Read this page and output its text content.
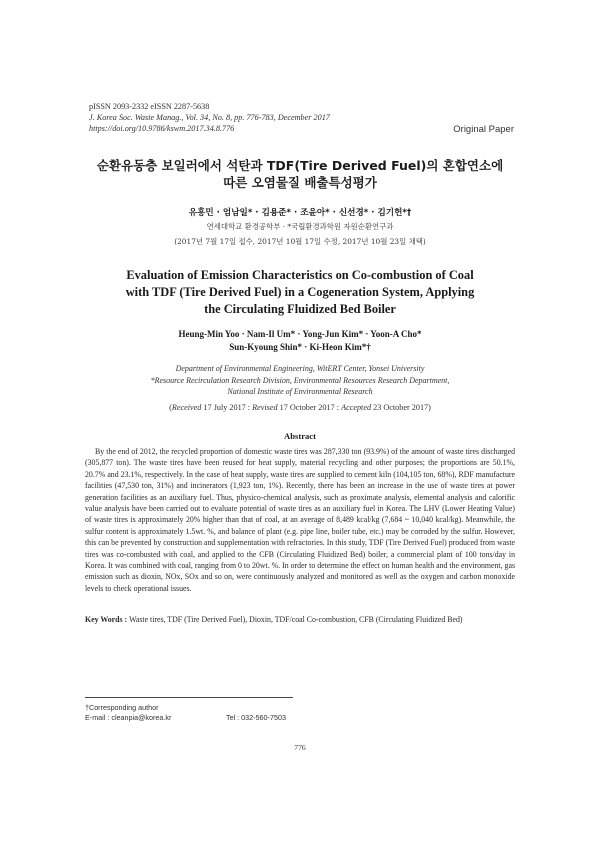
pISSN 2093-2332 eISSN 2287-5638
J. Korea Soc. Waste Manag., Vol. 34, No. 8, pp. 776-783, December 2017
https://doi.org/10.9786/kswm.2017.34.8.776	Original Paper
순환유동층 보일러에서 석탄과 TDF(Tire Derived Fuel)의 혼합연소에
따른 오염물질 배출특성평가
유흥민 · 엄남일* · 김용준* · 조윤아* · 신선경* · 김기헌*†
연세대학교 환경공학부 · *국립환경과학원 자원순환연구과
(2017년 7월 17일 접수, 2017년 10월 17일 수정, 2017년 10월 23일 채택)
Evaluation of Emission Characteristics on Co-combustion of Coal
with TDF (Tire Derived Fuel) in a Cogeneration System, Applying
the Circulating Fluidized Bed Boiler
Heung-Min Yoo · Nam-Il Um* · Yong-Jun Kim* · Yoon-A Cho*
Sun-Kyoung Shin* · Ki-Heon Kim*†
Department of Environmental Engineering, WitERT Center, Yonsei University
*Resource Recirculation Research Division, Environmental Resources Research Department,
National Institute of Environmental Research
(Received 17 July 2017 : Revised 17 October 2017 : Accepted 23 October 2017)
Abstract
By the end of 2012, the recycled proportion of domestic waste tires was 287,330 ton (93.9%) of the amount of waste tires discharged (305,877 ton). The waste tires have been reused for heat supply, material recycling and other purposes; the proportions are 50.1%, 20.7% and 23.1%, respectively. In the case of heat supply, waste tires are supplied to cement kiln (104,105 ton, 68%), RDF manufacture facilities (47,530 ton, 31%) and incinerators (1,923 ton, 1%). Recently, there has been an increase in the use of waste tires at power generation facilities as an auxiliary fuel. Thus, physico-chemical analysis, such as proximate analysis, elemental analysis and calorific value analysis have been carried out to evaluate potential of waste tires as an auxiliary fuel in Korea. The LHV (Lower Heating Value) of waste tires is approximately 20% higher than that of coal, at an average of 8,489 kcal/kg (7,684 ~ 10,040 kcal/kg). Meanwhile, the sulfur content is approximately 1.5wt. %, and balance of plant (e.g. pipe line, boiler tube, etc.) may be corroded by the sulfur. However, this can be prevented by construction and supplementation with refractories. In this study, TDF (Tire Derived Fuel) produced from waste tires was co-combusted with coal, and applied to the CFB (Circulating Fluidized Bed) boiler, a commercial plant of 100 tons/day in Korea. It was combined with coal, ranging from 0 to 20wt. %. In order to determine the effect on human health and the environment, gas emission such as dioxin, NOx, SOx and so on, were continuously analyzed and monitored as well as the oxygen and carbon monoxide levels to check operational issues.
Key Words : Waste tires, TDF (Tire Derived Fuel), Dioxin, TDF/coal Co-combustion, CFB (Circulating Fluidized Bed)
†Corresponding author
E-mail : cleanpia@korea.kr	Tel : 032-560-7503
776
